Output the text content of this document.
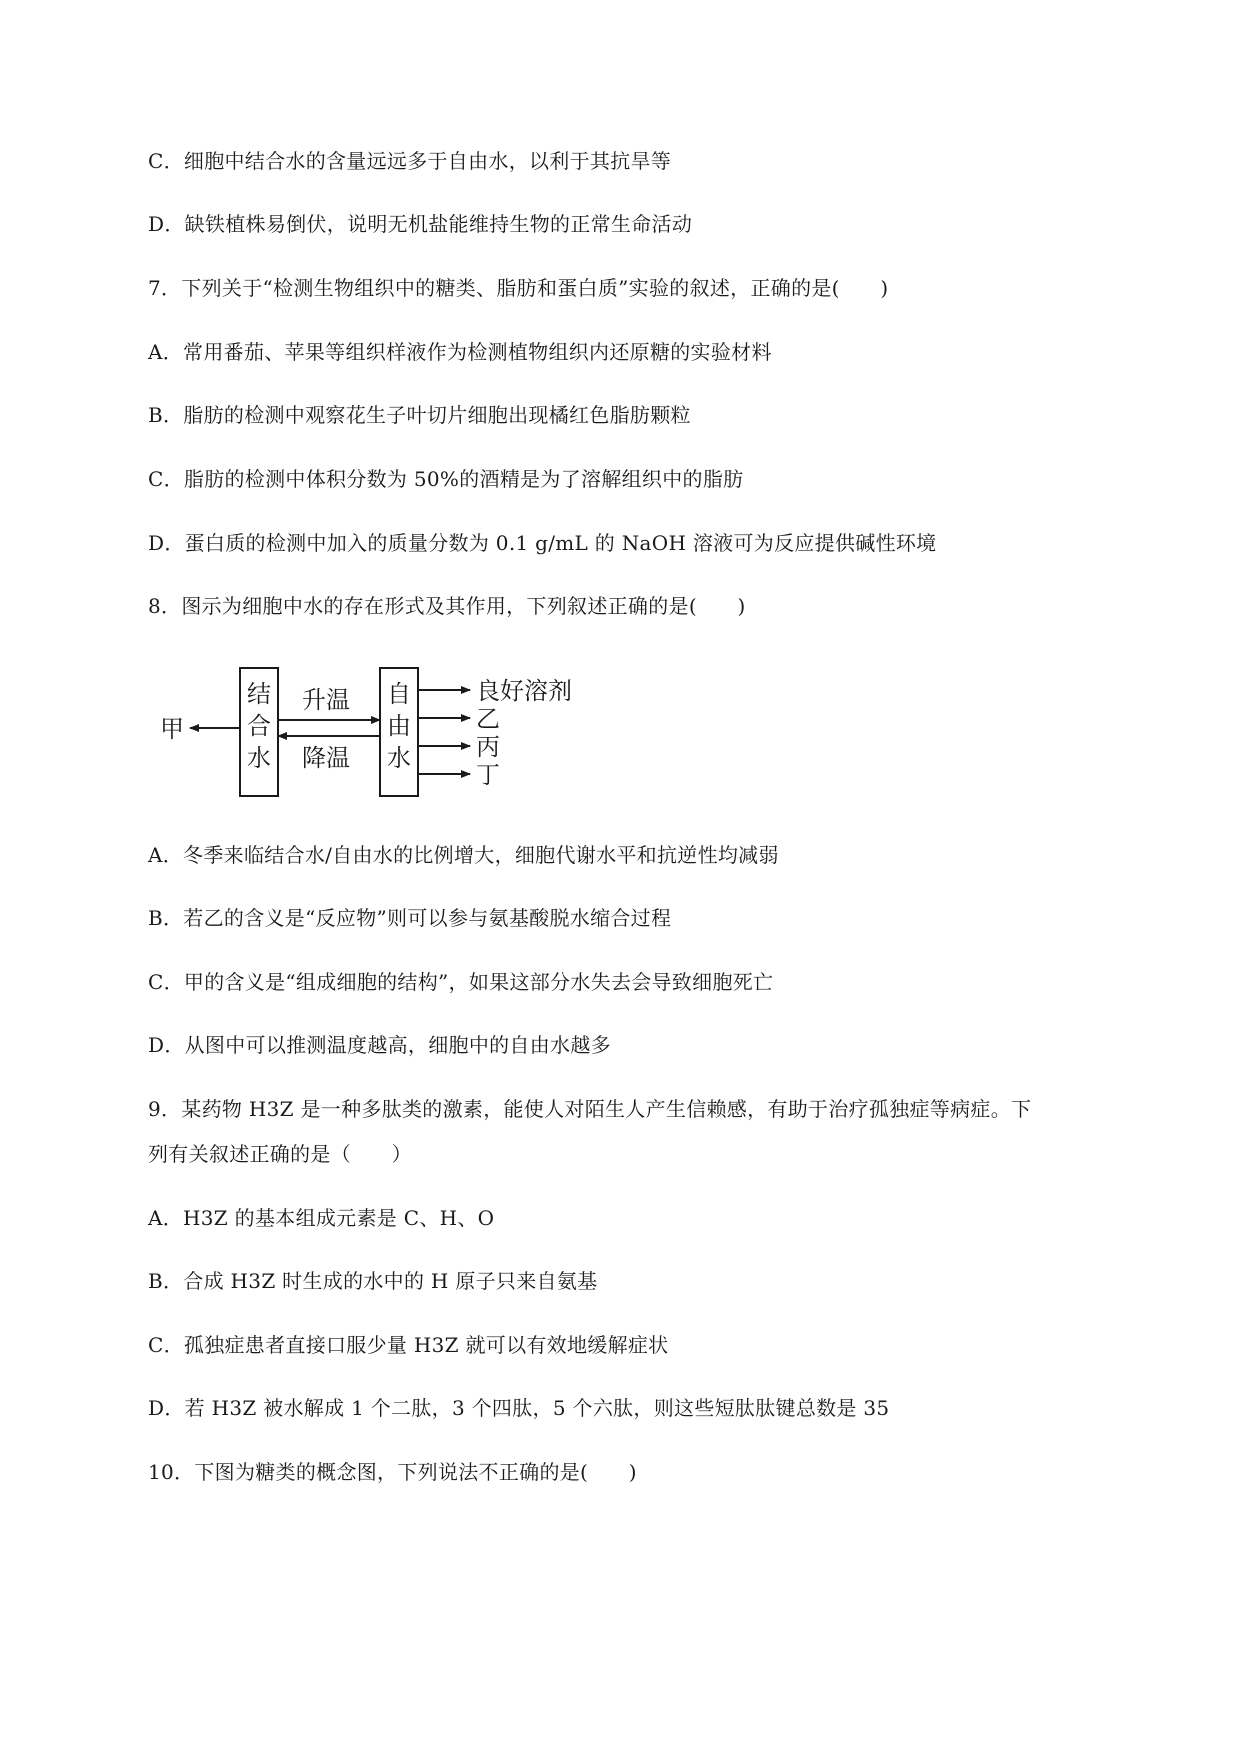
C．细胞中结合水的含量远远多于自由水，以利于其抗旱等
D．缺铁植株易倒伏，说明无机盐能维持生物的正常生命活动
7．下列关于“检测生物组织中的糖类、脂肪和蛋白质”实验的叙述，正确的是(　　)
A．常用番茄、苹果等组织样液作为检测植物组织内还原糖的实验材料
B．脂肪的检测中观察花生子叶切片细胞出现橘红色脂肪颗粒
C．脂肪的检测中体积分数为 50%的酒精是为了溶解组织中的脂肪
D．蛋白质的检测中加入的质量分数为 0.1 g/mL 的 NaOH 溶液可为反应提供碱性环境
8．图示为细胞中水的存在形式及其作用，下列叙述正确的是(　　)
甲
结
合
水
升温
降温
自
由
水
良好溶剂
乙
丙
丁
A．冬季来临结合水/自由水的比例增大，细胞代谢水平和抗逆性均减弱
B．若乙的含义是“反应物”则可以参与氨基酸脱水缩合过程
C．甲的含义是“组成细胞的结构”，如果这部分水失去会导致细胞死亡
D．从图中可以推测温度越高，细胞中的自由水越多
9．某药物 H3Z 是一种多肽类的激素，能使人对陌生人产生信赖感，有助于治疗孤独症等病症。下
列有关叙述正确的是（　　）
A．H3Z 的基本组成元素是 C、H、O
B．合成 H3Z 时生成的水中的 H 原子只来自氨基
C．孤独症患者直接口服少量 H3Z 就可以有效地缓解症状
D．若 H3Z 被水解成 1 个二肽，3 个四肽，5 个六肽，则这些短肽肽键总数是 35
10．下图为糖类的概念图，下列说法不正确的是(　　)
